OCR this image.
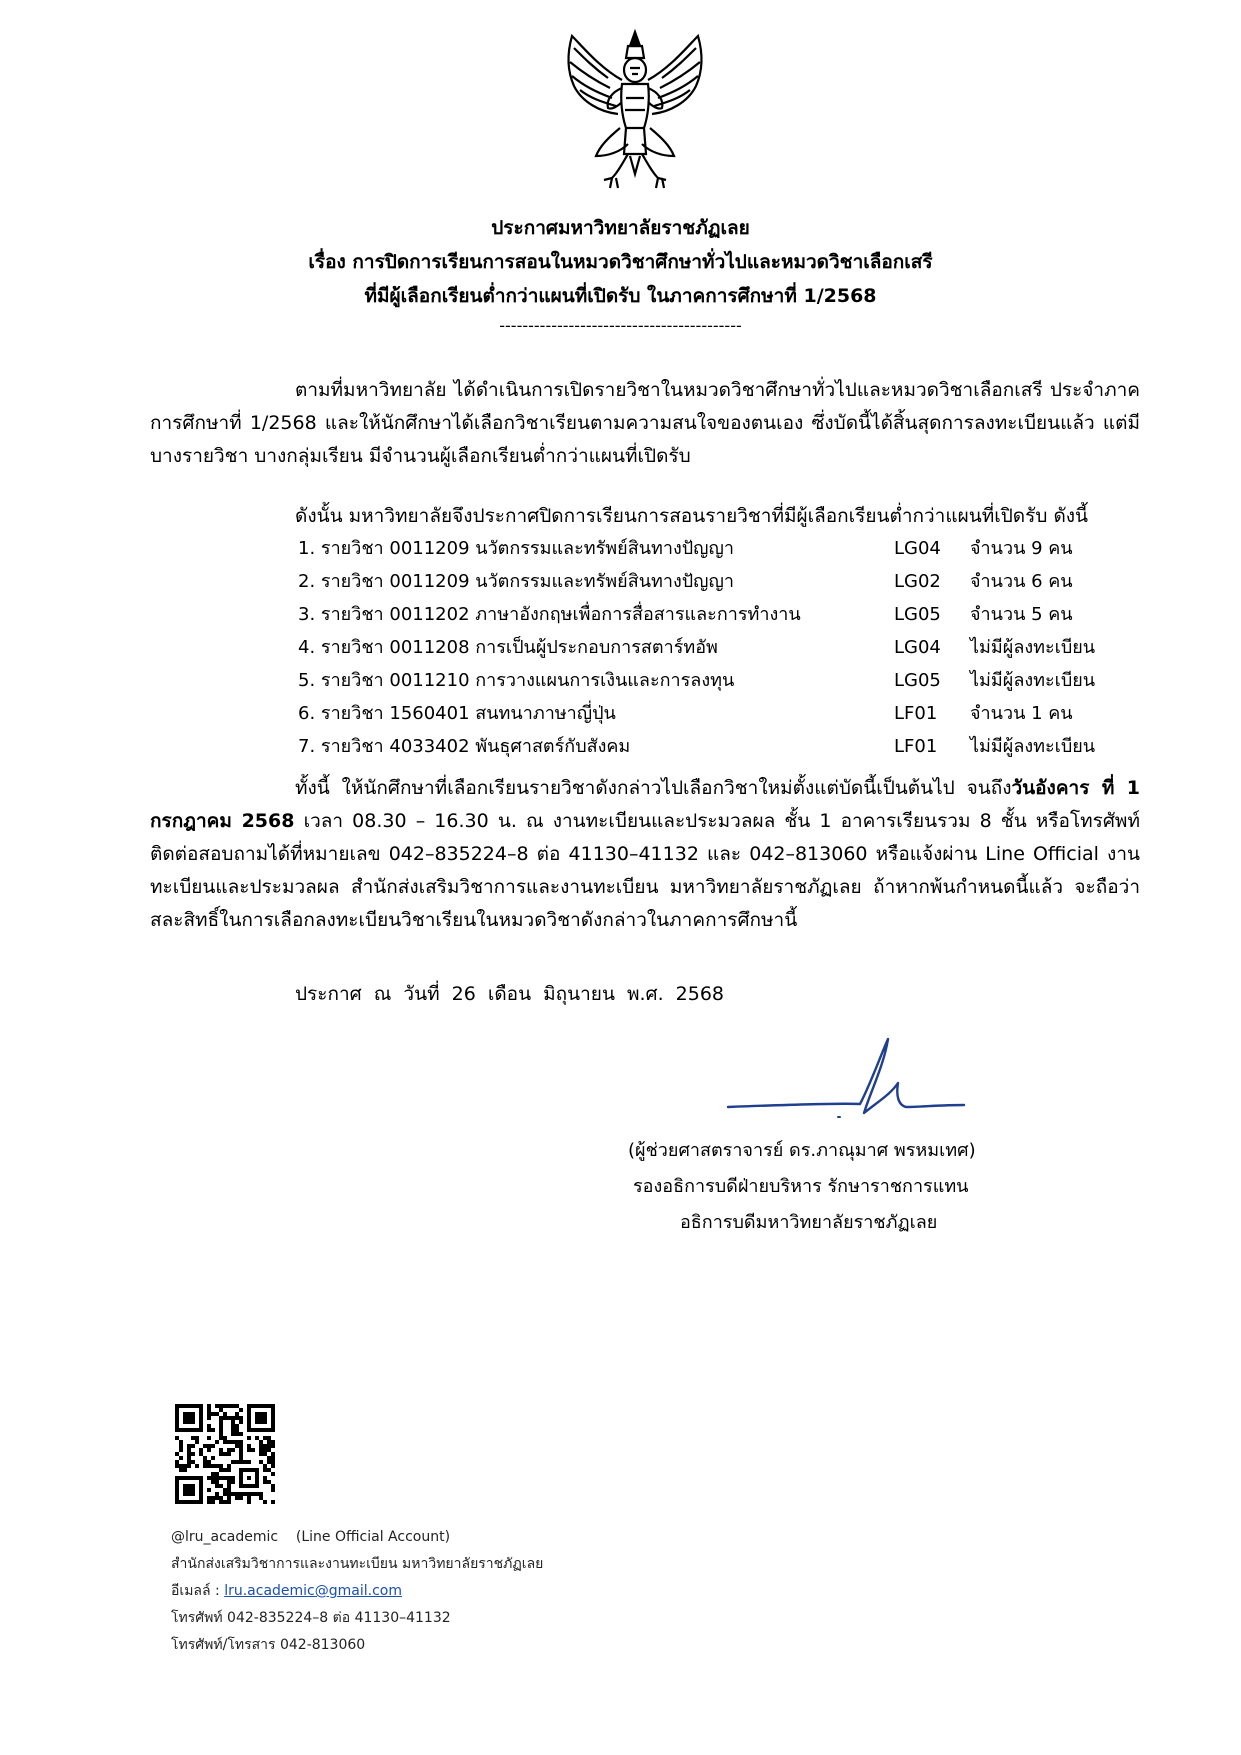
ประกาศมหาวิทยาลัยราชภัฏเลย
เรื่อง การปิดการเรียนการสอนในหมวดวิชาศึกษาทั่วไปและหมวดวิชาเลือกเสรี
ที่มีผู้เลือกเรียนต่ำกว่าแผนที่เปิดรับ ในภาคการศึกษาที่ 1/2568
------------------------------------------
ตามที่มหาวิทยาลัย ได้ดำเนินการเปิดรายวิชาในหมวดวิชาศึกษาทั่วไปและหมวดวิชาเลือกเสรี ประจำภาคการศึกษาที่ 1/2568 และให้นักศึกษาได้เลือกวิชาเรียนตามความสนใจของตนเอง ซึ่งบัดนี้ได้สิ้นสุดการลงทะเบียนแล้ว แต่มีบางรายวิชา บางกลุ่มเรียน มีจำนวนผู้เลือกเรียนต่ำกว่าแผนที่เปิดรับ
ดังนั้น มหาวิทยาลัยจึงประกาศปิดการเรียนการสอนรายวิชาที่มีผู้เลือกเรียนต่ำกว่าแผนที่เปิดรับ ดังนี้
1. รายวิชา 0011209 นวัตกรรมและทรัพย์สินทางปัญญา	LG04 จำนวน 9 คน
2. รายวิชา 0011209 นวัตกรรมและทรัพย์สินทางปัญญา	LG02 จำนวน 6 คน
3. รายวิชา 0011202 ภาษาอังกฤษเพื่อการสื่อสารและการทำงาน	LG05 จำนวน 5 คน
4. รายวิชา 0011208 การเป็นผู้ประกอบการสตาร์ทอัพ	LG04 ไม่มีผู้ลงทะเบียน
5. รายวิชา 0011210 การวางแผนการเงินและการลงทุน	LG05 ไม่มีผู้ลงทะเบียน
6. รายวิชา 1560401 สนทนาภาษาญี่ปุ่น	LF01 จำนวน 1 คน
7. รายวิชา 4033402 พันธุศาสตร์กับสังคม	LF01 ไม่มีผู้ลงทะเบียน
ทั้งนี้ ให้นักศึกษาที่เลือกเรียนรายวิชาดังกล่าวไปเลือกวิชาใหม่ตั้งแต่บัดนี้เป็นต้นไป จนถึงวันอังคาร ที่ 1 กรกฎาคม 2568 เวลา 08.30 – 16.30 น. ณ งานทะเบียนและประมวลผล ชั้น 1 อาคารเรียนรวม 8 ชั้น หรือโทรศัพท์ติดต่อสอบถามได้ที่หมายเลข 042–835224–8 ต่อ 41130–41132 และ 042–813060 หรือแจ้งผ่าน Line Official งานทะเบียนและประมวลผล สำนักส่งเสริมวิชาการและงานทะเบียน มหาวิทยาลัยราชภัฏเลย ถ้าหากพ้นกำหนดนี้แล้ว จะถือว่าสละสิทธิ์ในการเลือกลงทะเบียนวิชาเรียนในหมวดวิชาดังกล่าวในภาคการศึกษานี้
ประกาศ ณ วันที่ 26 เดือน มิถุนายน พ.ศ. 2568
(ผู้ช่วยศาสตราจารย์ ดร.ภาณุมาศ พรหมเทศ)
รองอธิการบดีฝ่ายบริหาร รักษาราชการแทน
อธิการบดีมหาวิทยาลัยราชภัฏเลย
@lru_academic    (Line Official Account)
สำนักส่งเสริมวิชาการและงานทะเบียน มหาวิทยาลัยราชภัฏเลย
อีเมลล์ : lru.academic@gmail.com
โทรศัพท์ 042-835224–8 ต่อ 41130–41132
โทรศัพท์/โทรสาร 042-813060
